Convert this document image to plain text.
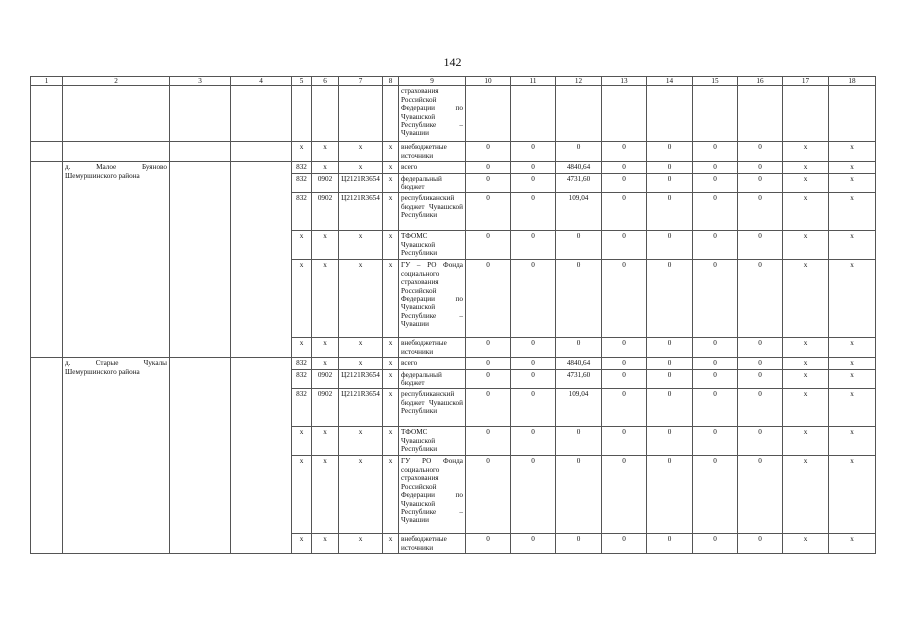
142
1	2	3	4	5	6	7	8	9	10	11	12	13	14	15	16	17	18
								страхования Российской Федерации по Чувашской Республике – Чувашии									
				x	x	x	x	внебюджетные источники	0	0	0	0	0	0	0	x	x
	д. Малое Буяново Шемуршинского района			832	x	x	x	всего	0	0	4840,64	0	0	0	0	x	x
				832	0902	Ц2121R3654	x	федеральный бюджет	0	0	4731,60	0	0	0	0	x	x
				832	0902	Ц2121R3654	x	республиканский бюджет Чувашской Республики	0	0	109,04	0	0	0	0	x	x
				x	x	x	x	ТФОМС Чувашской Республики	0	0	0	0	0	0	0	x	x
				x	x	x	x	ГУ – РО Фонда социального страхования Российской Федерации по Чувашской Республике – Чувашии	0	0	0	0	0	0	0	x	x
				x	x	x	x	внебюджетные источники	0	0	0	0	0	0	0	x	x
	д. Старые Чукалы Шемуршинского района			832	x	x	x	всего	0	0	4840,64	0	0	0	0	x	x
				832	0902	Ц2121R3654	x	федеральный бюджет	0	0	4731,60	0	0	0	0	x	x
				832	0902	Ц2121R3654	x	республиканский бюджет Чувашской Республики	0	0	109,04	0	0	0	0	x	x
				x	x	x	x	ТФОМС Чувашской Республики	0	0	0	0	0	0	0	x	x
				x	x	x	x	ГУ РО Фонда социального страхования Российской Федерации по Чувашской Республике – Чувашии	0	0	0	0	0	0	0	x	x
				x	x	x	x	внебюджетные источники	0	0	0	0	0	0	0	x	x
